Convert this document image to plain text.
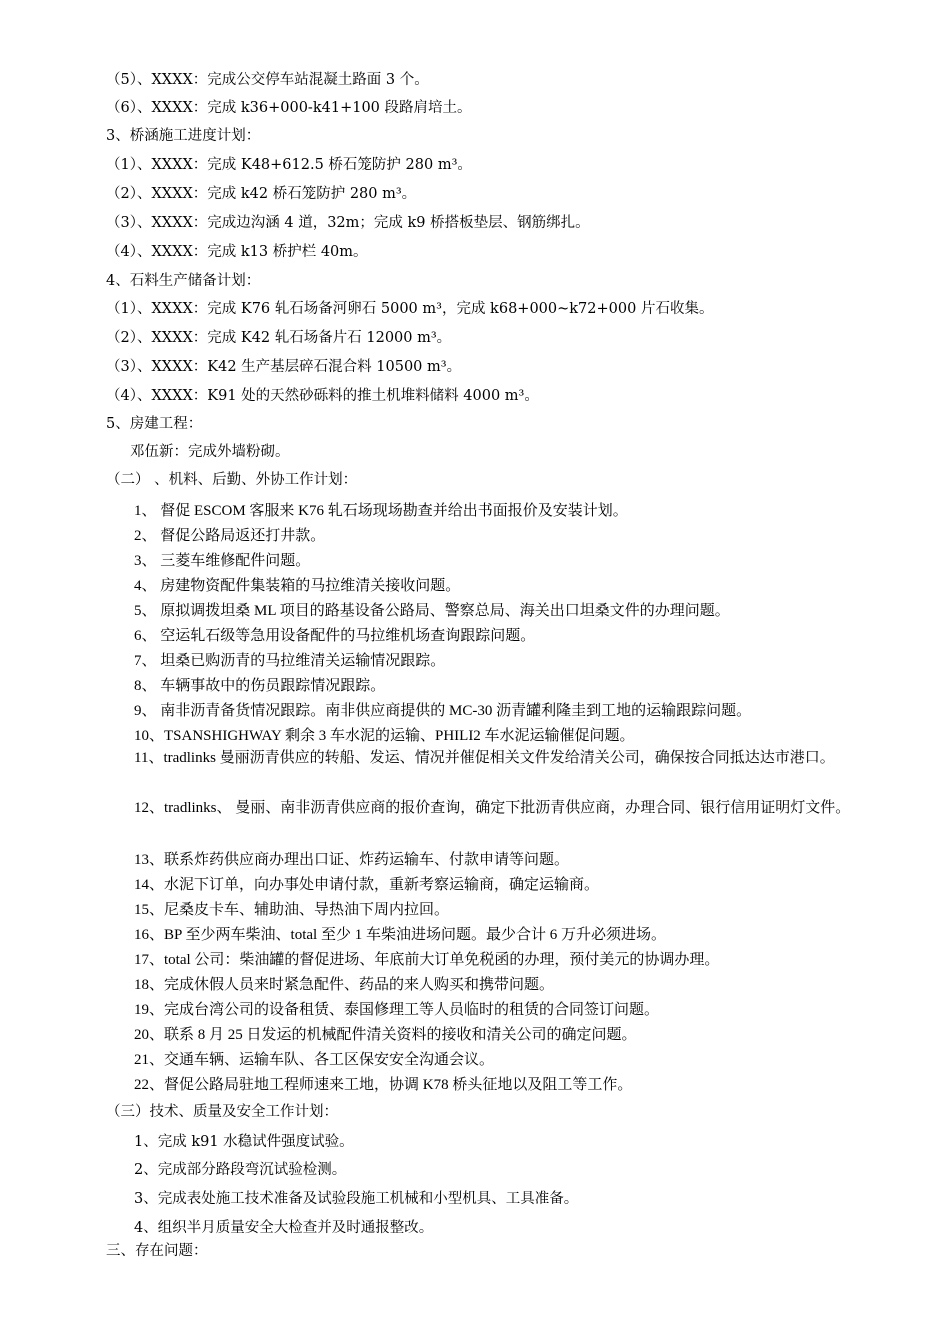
（5）、XXXX：完成公交停车站混凝土路面 3 个。
（6）、XXXX：完成 k36+000-k41+100 段路肩培土。
3、桥涵施工进度计划：
（1）、XXXX：完成 K48+612.5 桥石笼防护 280 m³。
（2）、XXXX：完成 k42 桥石笼防护 280 m³。
（3）、XXXX：完成边沟涵 4 道，32m；完成 k9 桥搭板垫层、钢筋绑扎。
（4）、XXXX：完成 k13 桥护栏 40m。
4、石料生产储备计划：
（1）、XXXX：完成 K76 轧石场备河卵石 5000 m³，完成 k68+000~k72+000 片石收集。
（2）、XXXX：完成 K42 轧石场备片石 12000 m³。
（3）、XXXX：K42 生产基层碎石混合料 10500 m³。
（4）、XXXX：K91 处的天然砂砾料的推土机堆料储料 4000 m³。
5、房建工程：
邓伍新：完成外墙粉砌。
（二） 、机料、后勤、外协工作计划：
1、 督促 ESCOM 客服来 K76 轧石场现场勘查并给出书面报价及安装计划。
2、 督促公路局返还打井款。
3、 三菱车维修配件问题。
4、 房建物资配件集装箱的马拉维清关接收问题。
5、 原拟调拨坦桑 ML 项目的路基设备公路局、警察总局、海关出口坦桑文件的办理问题。
6、 空运轧石级等急用设备配件的马拉维机场查询跟踪问题。
7、 坦桑已购沥青的马拉维清关运输情况跟踪。
8、 车辆事故中的伤员跟踪情况跟踪。
9、 南非沥青备货情况跟踪。南非供应商提供的 MC-30 沥青罐利隆圭到工地的运输跟踪问题。
10、TSANSHIGHWAY 剩余 3 车水泥的运输、PHILI2 车水泥运输催促问题。
11、tradlinks 曼丽沥青供应的转船、发运、情况并催促相关文件发给清关公司，确保按合同抵达达市港口。
12、tradlinks、 曼丽、南非沥青供应商的报价查询，确定下批沥青供应商，办理合同、银行信用证明灯文件。
13、联系炸药供应商办理出口证、炸药运输车、付款申请等问题。
14、水泥下订单，向办事处申请付款，重新考察运输商，确定运输商。
15、尼桑皮卡车、辅助油、导热油下周内拉回。
16、BP 至少两车柴油、total 至少 1 车柴油进场问题。最少合计 6 万升必须进场。
17、total 公司：柴油罐的督促进场、年底前大订单免税函的办理，预付美元的协调办理。
18、完成休假人员来时紧急配件、药品的来人购买和携带问题。
19、完成台湾公司的设备租赁、泰国修理工等人员临时的租赁的合同签订问题。
20、联系 8 月 25 日发运的机械配件清关资料的接收和清关公司的确定问题。
21、交通车辆、运输车队、各工区保安安全沟通会议。
22、督促公路局驻地工程师速来工地，协调 K78 桥头征地以及阻工等工作。
（三）技术、质量及安全工作计划：
1、完成 k91 水稳试件强度试验。
2、完成部分路段弯沉试验检测。
3、完成表处施工技术准备及试验段施工机械和小型机具、工具准备。
4、组织半月质量安全大检查并及时通报整改。
三、存在问题：
